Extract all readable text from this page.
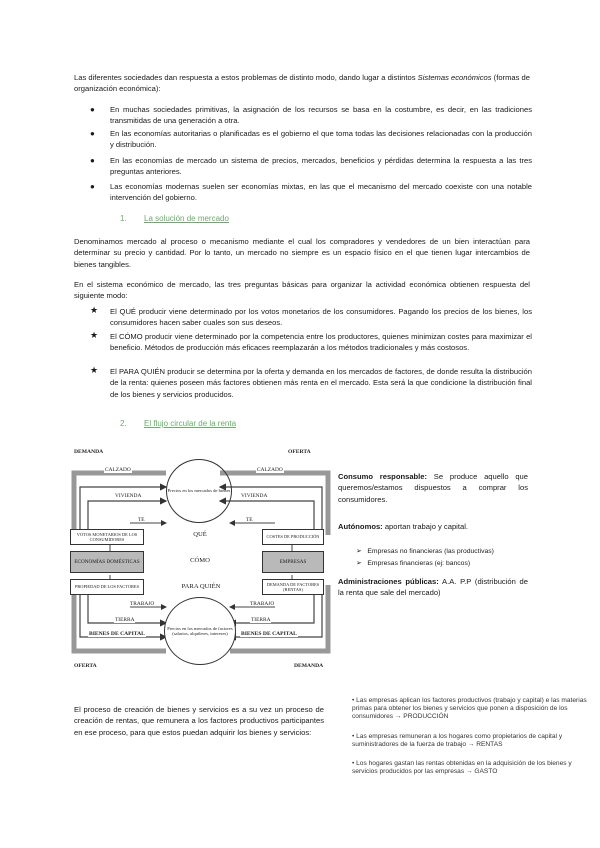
Las diferentes sociedades dan respuesta a estos problemas de distinto modo, dando lugar a distintos Sistemas económicos (formas de organización económica):
● En muchas sociedades primitivas, la asignación de los recursos se basa en la costumbre, es decir, en las tradiciones transmitidas de una generación a otra.
● En las economías autoritarias o planificadas es el gobierno el que toma todas las decisiones relacionadas con la producción y distribución.
● En las economías de mercado un sistema de precios, mercados, beneficios y pérdidas determina la respuesta a las tres preguntas anteriores.
● Las economías modernas suelen ser economías mixtas, en las que el mecanismo del mercado coexiste con una notable intervención del gobierno.
1. La solución de mercado
Denominamos mercado al proceso o mecanismo mediante el cual los compradores y vendedores de un bien interactúan para determinar su precio y cantidad. Por lo tanto, un mercado no siempre es un espacio físico en el que tienen lugar intercambios de bienes tangibles.
En el sistema económico de mercado, las tres preguntas básicas para organizar la actividad económica obtienen respuesta del siguiente modo:
★ El QUÉ producir viene determinado por los votos monetarios de los consumidores. Pagando los precios de los bienes, los consumidores hacen saber cuales son sus deseos.
★ El CÓMO producir viene determinado por la competencia entre los productores, quienes minimizan costes para maximizar el beneficio. Métodos de producción más eficaces reemplazarán a los métodos tradicionales y más costosos.
★ El PARA QUIÉN producir se determina por la oferta y demanda en los mercados de factores, de donde resulta la distribución de la renta: quienes poseen más factores obtienen más renta en el mercado. Esta será la que condicione la distribución final de los bienes y servicios producidos.
2. El flujo circular de la renta
DEMANDA	OFERTA
CALZADO	CALZADO
VIVIENDA	VIVIENDA
TE	TE
Precios en los mercados de bienes
VOTOS MONETARIOS DE LOS CONSUMIDORES
COSTES DE PRODUCCIÓN
QUÉ
ECONOMÍAS DOMÉSTICAS	CÓMO	EMPRESAS
PROPIEDAD DE LOS FACTORES	PARA QUIÉN	DEMANDA DE FACTORES (RENTAS)
TRABAJO	TRABAJO
TIERRA	TIERRA
BIENES DE CAPITAL	BIENES DE CAPITAL
Precios en los mercados de factores (salarios, alquileres, intereses)
OFERTA	DEMANDA
Consumo responsable: Se produce aquello que queremos/estamos dispuestos a comprar los consumidores.
Autónomos: aportan trabajo y capital.
➢   Empresas no financieras (las productivas)
➢   Empresas financieras (ej: bancos)
Administraciones públicas: A.A. P.P (distribución de la renta que sale del mercado)
El proceso de creación de bienes y servicios es a su vez un proceso de creación de rentas, que remunera a los factores productivos participantes en ese proceso, para que estos puedan adquirir los bienes y servicios:
• Las empresas aplican los factores productivos (trabajo y capital) e las materias primas para obtener los bienes y servicios que ponen a disposición de los consumidores → PRODUCCIÓN
• Las empresas remuneran a los hogares como propietarios de capital y suministradores de la fuerza de trabajo → RENTAS
• Los hogares gastan las rentas obtenidas en la adquisición de los bienes y servicios producidos por las empresas → GASTO
